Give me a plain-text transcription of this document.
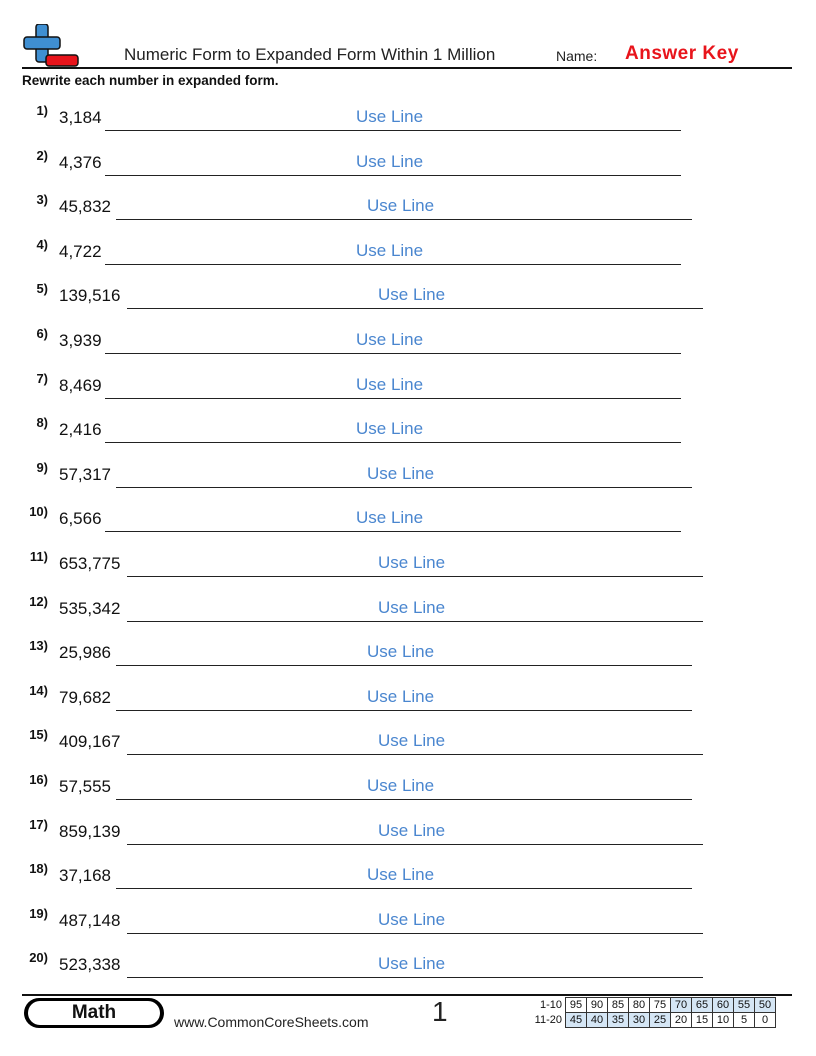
Numeric Form to Expanded Form Within 1 Million	Name: Answer Key
Rewrite each number in expanded form.
1) 3,184	Use Line
2) 4,376	Use Line
3) 45,832	Use Line
4) 4,722	Use Line
5) 139,516	Use Line
6) 3,939	Use Line
7) 8,469	Use Line
8) 2,416	Use Line
9) 57,317	Use Line
10) 6,566	Use Line
11) 653,775	Use Line
12) 535,342	Use Line
13) 25,986	Use Line
14) 79,682	Use Line
15) 409,167	Use Line
16) 57,555	Use Line
17) 859,139	Use Line
18) 37,168	Use Line
19) 487,148	Use Line
20) 523,338	Use Line
Math	www.CommonCoreSheets.com 1	1-10	95	90	85	80	75	70	65	60	55	50
11-20	45	40	35	30	25	20	15	10	5	0
